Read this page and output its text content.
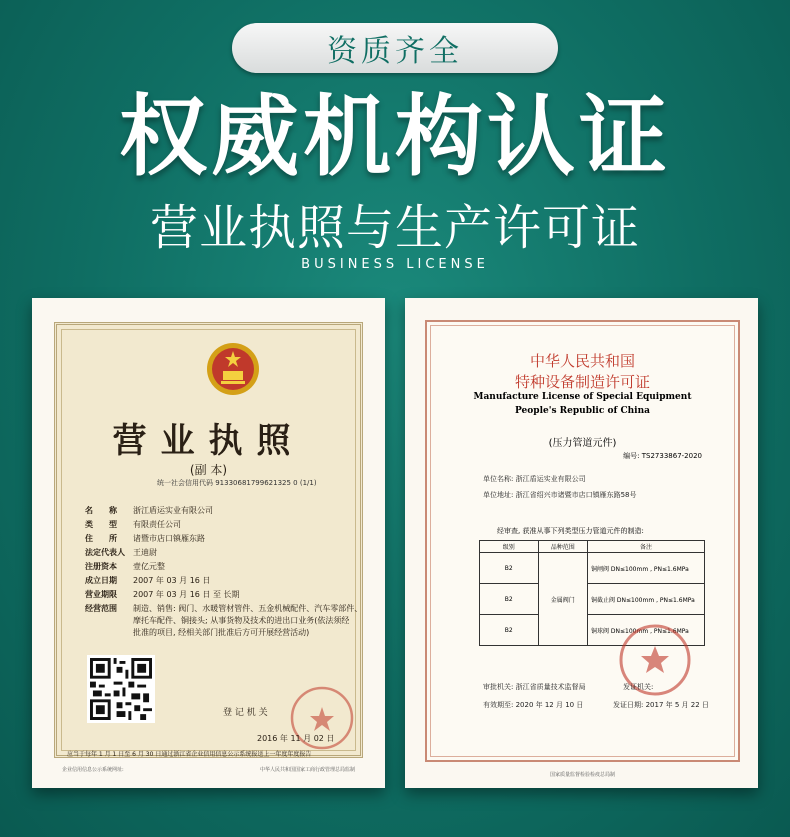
资质齐全
权威机构认证
营业执照与生产许可证
BUSINESS LICENSE
营业执照
(副 本)
统一社会信用代码 91330681799621325 0 (1/1)
名　　称 浙江盾运实业有限公司
类　　型 有限责任公司
住　　所 诸暨市店口镇雁东路
法定代表人 王迪尉
注册资本 壹亿元整
成立日期 2007 年 03 月 16 日
营业期限 2007 年 03 月 16 日 至 长期
经营范围 制造、销售: 阀门、水暖管材管件、五金机械配件、汽车零部件、
摩托车配件、铜接头; 从事货物及技术的进出口业务(依法须经
批准的项目, 经相关部门批准后方可开展经营活动)
登 记 机 关
2016 年 11 月 02 日
应当于每年 1 月 1 日至 6 月 30 日通过浙江省企业信用信息公示系统报送上一年度年度报告
企业信用信息公示系统网址:	中华人民共和国国家工商行政管理总局监制
中华人民共和国
特种设备制造许可证
Manufacture License of Special Equipment
People's Republic of China
(压力管道元件)
编号: TS2733867-2020
单位名称: 浙江盾运实业有限公司
单位地址: 浙江省绍兴市诸暨市店口镇雁东路58号
经审查, 获准从事下列类型压力管道元件的制造:
级别	品种范围	备注
B2	金属阀门	铜闸阀 DN≤100mm , PN≤1.6MPa
B2		铜截止阀 DN≤100mm , PN≤1.6MPa
B2		铜球阀 DN≤100mm , PN≤1.6MPa
审批机关: 浙江省质量技术监督局	发证机关:
有效期至: 2020 年 12 月 10 日	发证日期: 2017 年 5 月 22 日
国家质量监督检验检疫总局制
